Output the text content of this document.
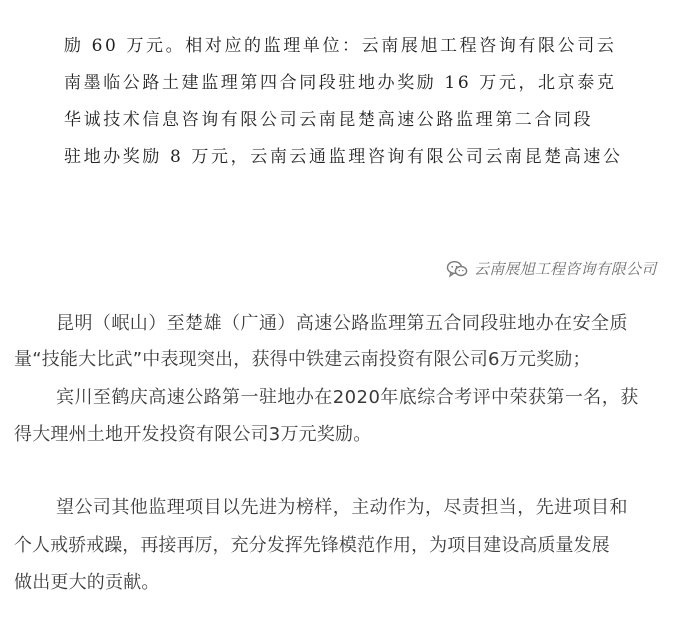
励 60 万元。相对应的监理单位：云南展旭工程咨询有限公司云
南墨临公路土建监理第四合同段驻地办奖励 16 万元，北京泰克
华诚技术信息咨询有限公司云南昆楚高速公路监理第二合同段
驻地办奖励 8 万元，云南云通监理咨询有限公司云南昆楚高速公
云南展旭工程咨询有限公司
昆明（岷山）至楚雄（广通）高速公路监理第五合同段驻地办在安全质
量“技能大比武”中表现突出，获得中铁建云南投资有限公司6万元奖励；
宾川至鹤庆高速公路第一驻地办在2020年底综合考评中荣获第一名，获
得大理州土地开发投资有限公司3万元奖励。
望公司其他监理项目以先进为榜样，主动作为，尽责担当，先进项目和
个人戒骄戒躁，再接再厉，充分发挥先锋模范作用，为项目建设高质量发展
做出更大的贡献。
